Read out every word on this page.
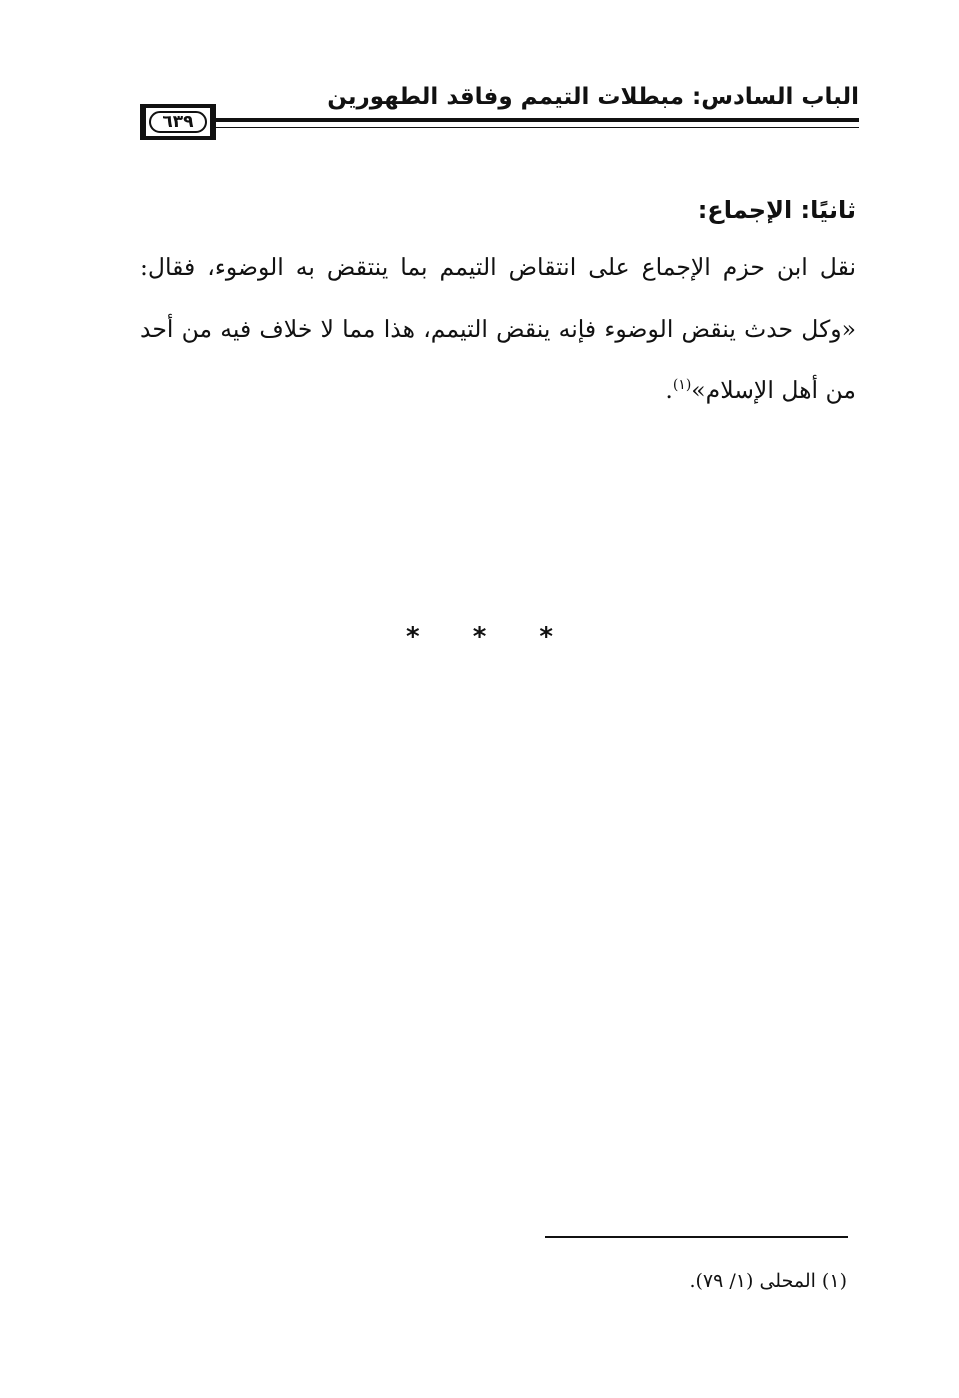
الباب السادس: مبطلات التيمم وفاقد الطهورين
٦٣٩
ثانيًا: الإجماع:
نقل ابن حزم الإجماع على انتقاض التيمم بما ينتقض به الوضوء، فقال:
«وكل حدث ينقض الوضوء فإنه ينقض التيمم، هذا مما لا خلاف فيه من أحد
من أهل الإسلام»$^{(١)}$.
* * *
(١) المحلى (١/ ٧٩).
